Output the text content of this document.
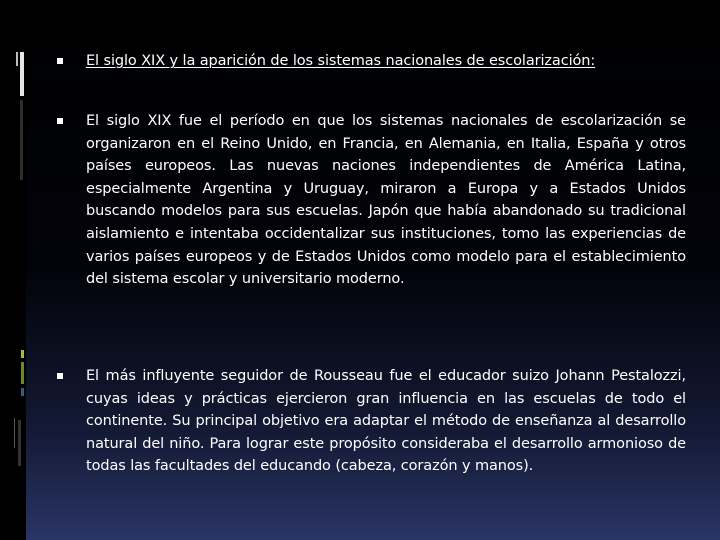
El siglo XIX y la aparición de los sistemas nacionales de escolarización:

El siglo XIX fue el período en que los sistemas nacionales de escolarización se organizaron en el Reino Unido, en Francia, en Alemania, en Italia, España y otros países europeos. Las nuevas naciones independientes de América Latina, especialmente Argentina y Uruguay, miraron a Europa y a Estados Unidos buscando modelos para sus escuelas. Japón que había abandonado su tradicional aislamiento e intentaba occidentalizar sus instituciones, tomo las experiencias de varios países europeos y de Estados Unidos como modelo para el establecimiento del sistema escolar y universitario moderno.

El más influyente seguidor de Rousseau fue el educador suizo Johann Pestalozzi, cuyas ideas y prácticas ejercieron gran influencia en las escuelas de todo el continente. Su principal objetivo era adaptar el método de enseñanza al desarrollo natural del niño. Para lograr este propósito consideraba el desarrollo armonioso de todas las facultades del educando (cabeza, corazón y manos).
